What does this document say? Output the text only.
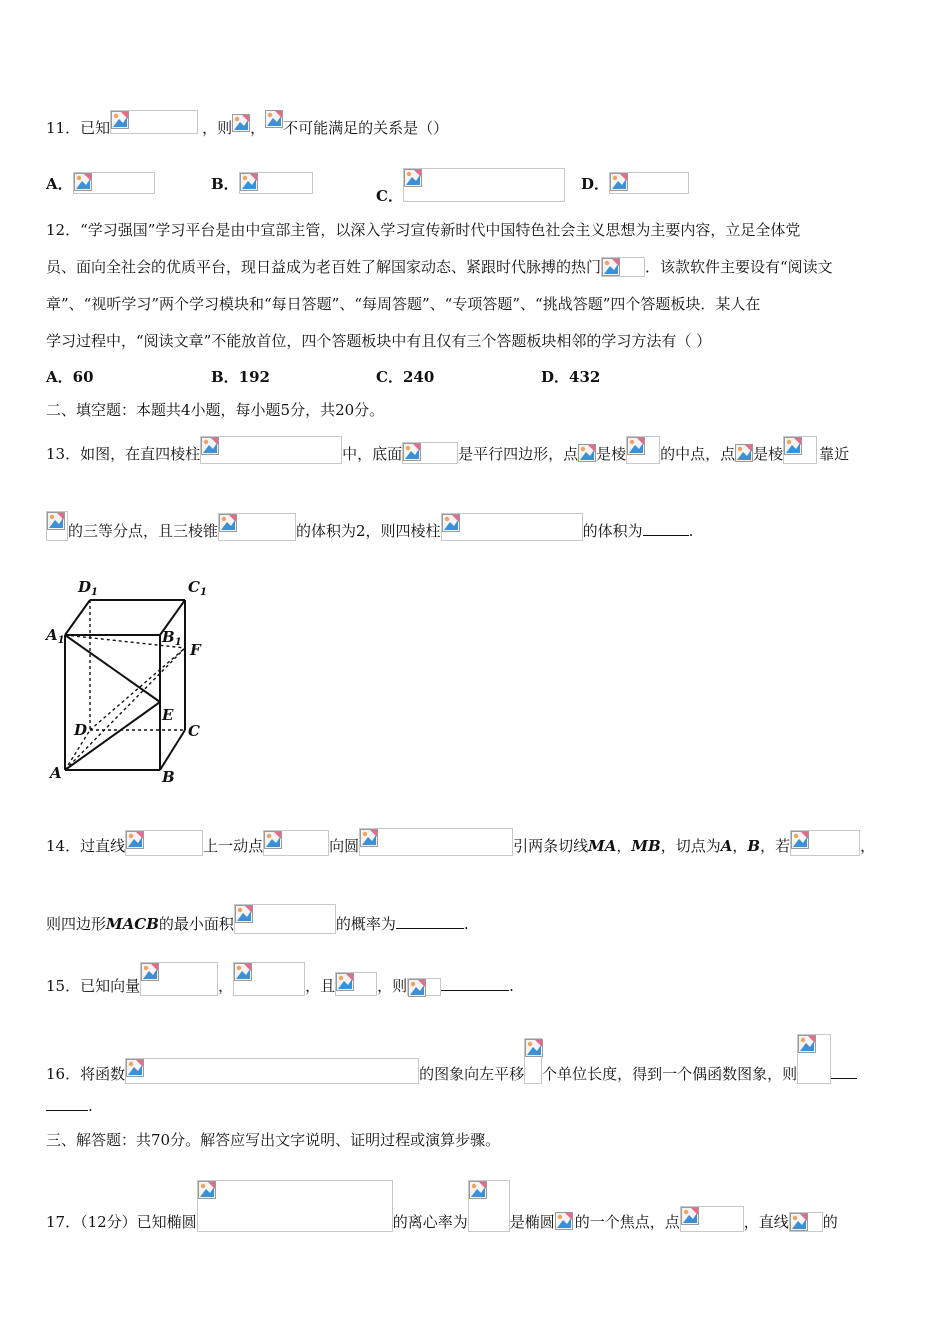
11．已知	，则 ， 不可能满足的关系是（）
A．	B．
C．
D．
12．“学习强国”学习平台是由中宣部主管，以深入学习宣传新时代中国特色社会主义思想为主要内容，立足全体党
员、面向全社会的优质平台，现日益成为老百姓了解国家动态、紧跟时代脉搏的热门	．该款软件主要设有“阅读文
章”、“视听学习”两个学习模块和“每日答题”、“每周答题”、“专项答题”、“挑战答题”四个答题板块．某人在
学习过程中，“阅读文章”不能放首位，四个答题板块中有且仅有三个答题板块相邻的学习方法有（ ）
A．60	B．192	C．240	D．432
二、填空题：本题共4小题，每小题5分，共20分。
13．如图，在直四棱柱	中，底面	是平行四边形，点 是棱 的中点，点 是棱 靠近
的三等分点，且三棱锥	的体积为2，则四棱柱	的体积为	.
$D_1$	$C_1$
$A_1$	$B_1$ F
E
D	C
A	B
14．过直线	上一动点	向圆	引两条切线MA，MB，切点为A，B，若	，
则四边形MACB的最小面积	的概率为	.
15．已知向量	，	，且	，则	.
16．将函数	的图象向左平移 个单位长度，得到一个偶函数图象，则
.
三、解答题：共70分。解答应写出文字说明、证明过程或演算步骤。
17．（12分）已知椭圆	的离心率为	是椭圆 的一个焦点，点	，直线 的
